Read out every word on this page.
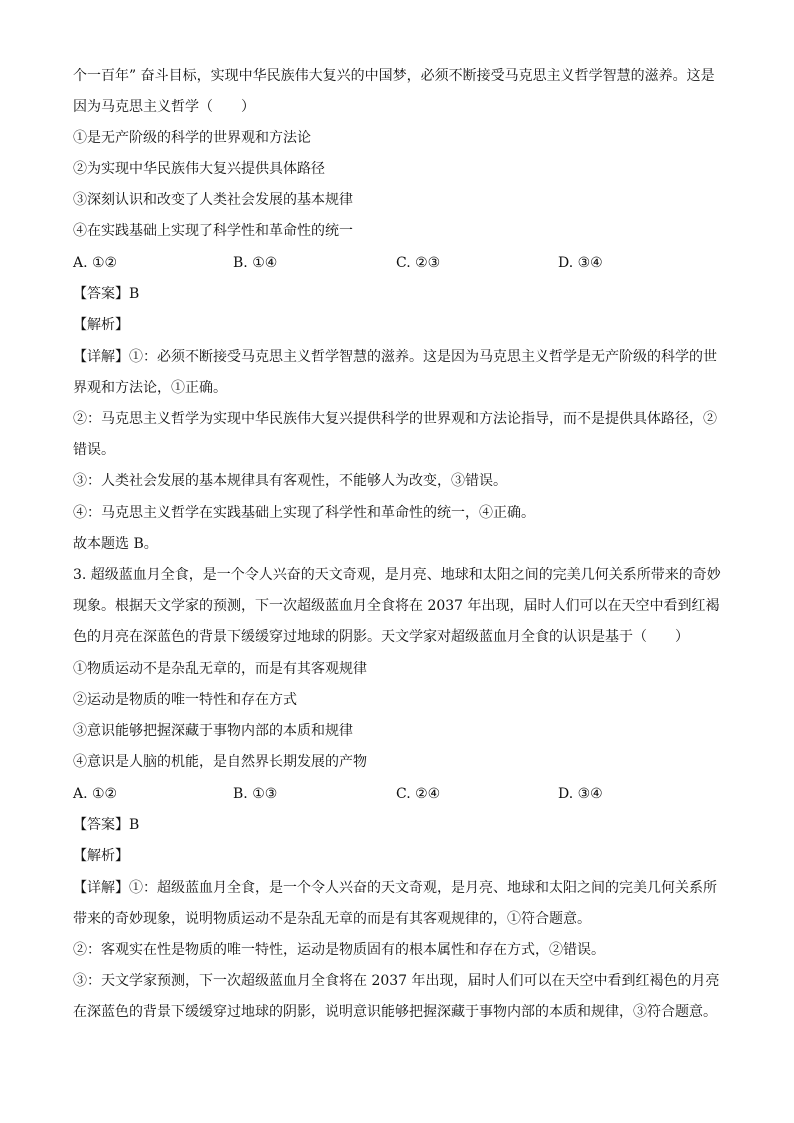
个一百年” 奋斗目标，实现中华民族伟大复兴的中国梦，必须不断接受马克思主义哲学智慧的滋养。这是
因为马克思主义哲学（　　）
①是无产阶级的科学的世界观和方法论
②为实现中华民族伟大复兴提供具体路径
③深刻认识和改变了人类社会发展的基本规律
④在实践基础上实现了科学性和革命性的统一
A. ①②	B. ①④	C. ②③	D. ③④
【答案】B
【解析】
【详解】①：必须不断接受马克思主义哲学智慧的滋养。这是因为马克思主义哲学是无产阶级的科学的世
界观和方法论，①正确。
②：马克思主义哲学为实现中华民族伟大复兴提供科学的世界观和方法论指导，而不是提供具体路径，②
错误。
③：人类社会发展的基本规律具有客观性，不能够人为改变，③错误。
④：马克思主义哲学在实践基础上实现了科学性和革命性的统一，④正确。
故本题选 B。
3. 超级蓝血月全食，是一个令人兴奋的天文奇观，是月亮、地球和太阳之间的完美几何关系所带来的奇妙
现象。根据天文学家的预测，下一次超级蓝血月全食将在 2037 年出现，届时人们可以在天空中看到红褐
色的月亮在深蓝色的背景下缓缓穿过地球的阴影。天文学家对超级蓝血月全食的认识是基于（　　）
①物质运动不是杂乱无章的，而是有其客观规律
②运动是物质的唯一特性和存在方式
③意识能够把握深藏于事物内部的本质和规律
④意识是人脑的机能，是自然界长期发展的产物
A. ①②	B. ①③	C. ②④	D. ③④
【答案】B
【解析】
【详解】①：超级蓝血月全食，是一个令人兴奋的天文奇观，是月亮、地球和太阳之间的完美几何关系所
带来的奇妙现象，说明物质运动不是杂乱无章的而是有其客观规律的，①符合题意。
②：客观实在性是物质的唯一特性，运动是物质固有的根本属性和存在方式，②错误。
③：天文学家预测，下一次超级蓝血月全食将在 2037 年出现，届时人们可以在天空中看到红褐色的月亮
在深蓝色的背景下缓缓穿过地球的阴影，说明意识能够把握深藏于事物内部的本质和规律，③符合题意。
